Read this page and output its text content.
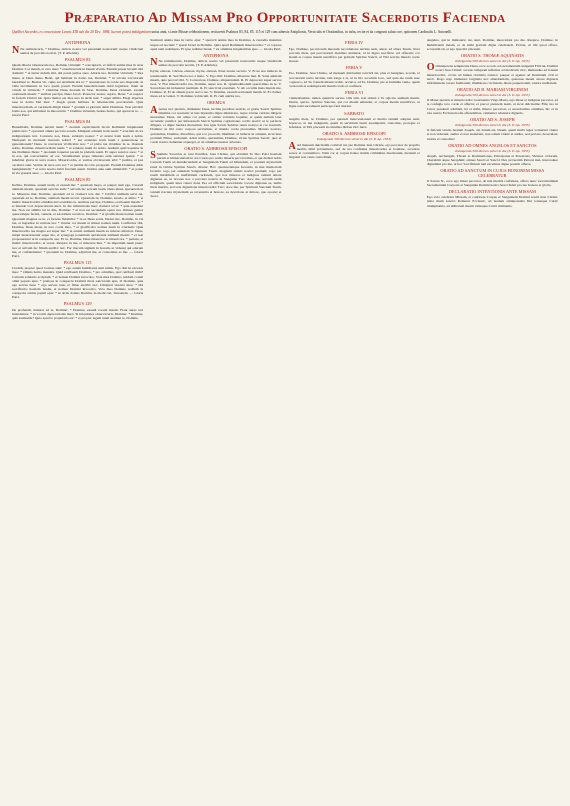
Præparatio Ad Missam Pro Opportunitate Sacerdotis Facienda

Quilibet Sacerdos, ex concessione Leonis XIII sub die 20 Dec. 1884, lucrari potest indulgentiam unius anni, si ante Missæ celebrationem, recitaverit Psalmos 83, 84, 85, 115 et 129 cum adnexis Antiphonis, Versiculis et Orationibus, in infra, recite et ita congrunt saluto ore, optionem Cardinalis L. Antonelli.

ANTIPHONA

N Ne reminiscaris, * Domine, delicta nostra vel parentum nostrorum: neque vindictam sumas de peccatis nostris. (T. P. Alleluia).

PSALMUS 83

Quam dilecta tabernacula tua, Domine virtutum: * concupiscit, et deficit anima mea in atria Domini. Cor meum, et caro mea: * exsultaverunt in Deum vivum. Etenim passer invenit sibi domum: * et turtur nidum sibi, ubi ponat pullos suos. Altaria tua, Domine virtutum: * Rex meus, et Deus meus. Beati, qui habitant in domo tua, Domine: * in sæcula sæculorum laudabunt te. Beatus vir, cujus est auxilium abs te: * ascensiones in corde suo disposuit, in valle lacrimarum, in loco quem posuit. Etenim benedictionem dabit legislator, ibunt de virtute in virtutem: * videbitur Deus deorum in Sion. Domine, Deus virtutum, exaudi orationem meam: * auribus percipe, Deus Jacob. Protector noster, aspice, Deus: * et respice in faciem Christi tui. Quia melior est dies una in atriis tuis: * super millia. Elegi abjectus esse in domo Dei mei: * magis quam habitare in tabernaculis peccatorum. Quia misericordiam, et veritatem diligit Deus: * gratiam et gloriam dabit Dominus. Non privabit bonis eos, qui ambulant in innocentia: * Domine virtutum, beatus homo, qui sperat in te. — Gloria Patri.

PSALMUS 84

Benedixisti, Domine, terram tuam: * avertisti captivitatem Jacob. Remisisti iniquitatem plebis tuæ: * operuisti omnia peccata eorum. Mitigasti omnem iram tuam: * avertisti ab ira indignationis tuæ. Converte nos, Deus, salutaris noster: * et averte iram tuam a nobis. Numquid in æternum irasceris nobis? * aut extendes iram tuam a generatione in generationem? Deus, tu conversus vivificabis nos: * et plebs tua lætabitur in te. Ostende nobis, Domine, misericordiam tuam: * et salutare tuum da nobis. Audiam quid loquatur in me Dominus Deus: * quoniam loquetur pacem in plebem suam. Et super sanctos suos: * et in eos, qui convertuntur ad cor. Verumtamen prope timentes eum salutare ipsius: * ut inhabitet gloria in terra nostra. Misericordia, et veritas obviaverunt sibi: * justitia, et pax osculatæ sunt. Veritas de terra orta est: * et justitia de cælo prospexit. Etenim Dominus dabit benignitatem: * et terra nostra dabit fructum suum. Justitia ante eum ambulabit: * et ponet in via gressus suos. — Gloria Patri.

PSALMUS 85

Inclina, Domine, aurem tuam, et exaudi me: * quoniam inops, et pauper sum ego. Custodi animam meam, quoniam sanctus sum: * salvum fac servum tuum, Deus meus, sperantem in te. Miserere mei, Domine, quoniam ad te clamavi tota die: * lætifica animam servi tui, quoniam ad te, Domine, animam meam levavi. Quoniam tu, Domine, suavis, et mitis: * et multæ misericordiæ omnibus invocantibus te. Auribus percipe, Domine, orationem meam: * et intende voci deprecationis meæ. In die tribulationis meæ clamavi ad te: * quia exaudisti me. Non est similis tui in diis, Domine: * et non est secundum opera tua. Omnes gentes quascumque fecisti, venient, et adorabunt coram te, Domine: * et glorificabunt nomen tuum. Quoniam magnus es tu, et faciens mirabilia: * tu es Deus solus. Deduc me, Domine, in via tua, et ingrediar in veritate tua: * lætetur cor meum ut timeat nomen tuum. Confitebor tibi, Domine, Deus meus, in toto corde meo, * et glorificabo nomen tuum in æternum: Quia misericordia tua magna est super me: * et eruisti animam meam ex inferno inferiori. Deus, iniqui insurrexerunt super me, et synagoga potentium quæsierunt animam meam: * et non proposuerunt te in conspectu suo. Et tu, Domine, Deus miserator et misericors, * patiens, et multæ misericordiæ, et verax. Respice in me, et miserere mei, * da imperium tuum puero tuo: et salvum fac filium ancillæ tuæ. Fac mecum signum in bonum, ut videant qui oderunt me, et confundantur: * quoniam tu, Domine, adjuvisti me, et consolatus es me. — Gloria Patri.

PSALMUS 115

Credidi, propter quod locutus sum: * ego autem humiliatus sum nimis. Ego dixi in excessu meo: * Omnis homo mendax. Quid retribuam Domino, * pro omnibus, quæ retribuit mihi? Calicem salutaris accipiam: * et nomen Domini invocabo. Vota mea Domino reddam coram omni populo ejus: * pretiosa in conspectu Domini mors sanctorum ejus. O Domine, quia ego servus tuus: * ego servus tuus, et filius ancillæ tuæ. Dirupisti vincula mea: * tibi sacrificabo hostiam laudis, et nomen Domini invocabo. Vota mea Domino reddam in conspectu omnis populi ejus: * in atriis domus Domini, in medio tui, Jerusalem. — Gloria Patri.

PSALMUS 129

De profundis clamavi ad te, Domine: * Domine, exaudi vocem meam. Fiant aures tuæ intendentes: * in vocem deprecationis meæ. Si iniquitates observaveris, Domine: * Domine, quis sustinebit? Quia apud te propitiatio est: * et propter legem tuam sustinui te, Domine.

Sustinuit anima mea in verbo ejus: * speravit anima mea in Domino. A custodia matutina usque ad noctem: * speret Israel in Domino. Quia apud Dominum misericordia: * et copiosa apud eum redemptio. Et ipse redimet Israel, * ex omnibus iniquitatibus ejus. — Gloria Patri.

ANTIPHONA

N Ne reminiscaris, Domine, delicta nostra vel parentum nostrorum: neque vindictam sumas de peccatis nostris. (T. P. Alleluia).

Kyrie, eleison. Christe, eleison. Kyrie, eleison. Pater noster secreto. V. Et ne nos inducas in tentationem. R. Sed libera nos a malo. V. Ego dixi: Domine, miserere mei. R. Sana animam meam, quia peccavi tibi. V. Convertere, Domine, aliquantulum. R. Et deprecare super servos tuos. V. Fiat misericordia tua, Domine, super nos. R. Quemadmodum speravimus in te. V. Sacerdotes tui induantur justitiam. R. Et sancti tui exsultent. V. Ab occultis meis munda me, Domine. R. Et ab alienis parce servo tuo. V. Domine, exaudi orationem meam. R. Et clamor meus ad te veniat. V. Dominus vobiscum. R. Et cum spiritu tuo.

OREMUS

A Aures tuæ pietatis, mitissime Deus, inclina precibus nostris, et gratia Sancti Spiritus illumina cor nostrum: ut tuis mysteriis digne ministrare, teque æterna caritate diligere mereamur. Deus, cui omne cor patet, et omnis voluntas loquitur, et quem nullum latet secretum: purifica per infusionem Sancti Spiritus cogitationes cordis nostri; ut te perfecte diligere, et digne laudare mereamur. Ure igne Sancti Spiritus renes nostros et cor nostrum, Domine: ut tibi casto corpore serviamus, et mundo corde placeamus. Mentes nostras, quæsumus, Domine, Paraclitus, qui a te procedit, illuminet: et inducat in omnem, sicut tuus promisit Filius, veritatem. Adsit nobis, quæsumus, Domine, virtus Spiritus Sancti: quæ et corda nostra clementer expurget, et ab omnibus tueatur adversis.

ORATIO S. AMBROSII EPISCOPI

S Summe Sacerdos et vere Pontifex, Jesu Christe, qui obtulisti Te Deo Patri hostiam puram et immaculatam in ara Crucis pro nobis miseris peccatoribus, et qui dedisti nobis Carnem Tuam ad manducandum et Sanguinem Tuum ad bibendum, et posuisti mysterium istud in virtute Spiritus Sancti, dicens: Hæc quotiescumque feceritis, in mei memoriam facietis: rogo per eumdem Sanguinem Tuum, magnum salutis nostræ pretium; rogo per istam mirabilem et ineffabilem caritatem, qua nos miseros et indignos tantum amare dignatus es, ut lavares nos a peccatis nostris in Sanguine Tuo: doce me, servum tuum indignum, quem inter cetera dona Tua ad officium sacerdotale vocare dignatus es, nullis meis meritis, sed sola dignatione misericordiæ Tuæ; doce me, per Spiritum Sanctum Tuum, tantum tractare mysterium ea reverentia et honore, ea devotione et timore, quo oportet et decet.

FERIA IV

Ego, Domine, peccatorum meorum recordatione territus sum, adeat, ad altare Tuum, lavet peccatis meis, qui peccatorum manibus sustineat, ut in digno sacrificio vel offeram; cor meum et corpus meum sanctifica per gratiam Spiritus Sancti, ut Tibi servire mundo corde merear.

FERIA V

Tuo, Domine, Jesu Christe, ad mensam dulcissimi convivii tui, pius et benignus, accede, et peccatorum turba territus, tam longe a te, ut in illo accedam loco, sed quia me reum esse cognosco, ad Te, fontem misericordiæ, accurro; ad Te, Domine, pie et humilite venio, quem creatorem et redemptorem meum credo et confiteor.

FERIA VI

Clementissime, tamen quamvis servus vilis sim, non tamen a Te rejicias animam meam. Veniat, quæso, Spiritus Sanctus, qui cor meum emundet, et corpus meum sanctificet, ut digne tanti sacramenti particeps fieri merear.

SABBATO

Angelis meis, te, Domine, per quorum intercessionem et merita tantum adeptus sum, deprecor, ut me indignum, quem in servitium tuum assumpsisti, custodias, protegas et defendas, ut Tibi placeam in omnibus diebus vitæ meæ.

ORATIO S. AMBROSII EPISCOPI
Indulgentia 500 dierum semel in die (S. P. Ap. 1933)

A Ad mensam dulcissimi convivii tui, pie Domine Jesu Christe, ego peccator de propriis meritis nihil præsumens, sed de tua confidens misericordia et bonitate, accedere vereor et contremisco. Nam cor et corpus habeo multis criminibus maculatum, mentem et linguam non caute custoditam.

Angelus, qui in ministerio tuo sunt, Domine, intercedant pro me. Respice, Domine, in humilitatem meam, et da mihi gratiam digne celebrandi. Præsta, ut tibi quod offero, acceptum sit, et ego ipse tibi placeam.

ORATIO S. THOMÆ AQUINATIS
Indulgentia 500 dierum semel in die (S. P. Ap. 1933)

O Omnipotens sempiterne Deus, ecce accedo ad sacramentum unigeniti Filii tui, Domini nostri Jesu Christi: accedo tamquam infirmus ad medicum vitæ, immundus ad fontem misericordiæ, cæcus ad lumen claritatis æternæ, pauper et egenus ad Dominum cæli et terræ. Rogo ergo immensæ largitatis tuæ abundantiam, quatenus meam curare digneris infirmitatem, lavare fœditatem, illuminare cæcitatem, ditare paupertatem, vestire nuditatem.

ORATIO AD B. MARIAM VIRGINEM
Indulgentia 500 dierum semel in die (S. P. Ap. 1933)

O Mater pietatis et misericordiæ, beatissima Virgo Maria, ego miser et indignus peccator, ad te confugio toto corde et affectu; et precor pietatem tuam, ut sicut dulcissimo Filio tuo in Cruce pendenti adstitisti, ita et mihi, misero peccatori, et sacerdotibus omnibus, hic et in tota sancta Ecclesia hodie offerentibus, clementer adsistere digneris.

ORATIO AD S. JOSEPH
Indulgentia 500 dierum semel in die (S. P. Ap. 1933)

O felicem virum, beatum Joseph, cui datum est, Deum, quem multi reges voluerunt videre et non viderunt, audire et non audierunt, non solum videre et audire, sed portare, deosculari, vestire et custodire!

ORATIO AD OMNES ANGELOS ET SANCTOS
Indulgentia 500 dierum semel in die (S. P. Ap. 1933)

Angeli, Archangeli, Throni et Dominationes, Principatus et Potestates, Virtutes cælorum, Cherubim atque Seraphim; omnes Sancti et Sanctæ Dei, præsertim Patroni mei, intercedere dignemini pro me, ut hoc Sacrificium tam excellens digne possim offerre.

ORATIO AD SANCTUM IN CUJUS HONOREM MISSA CELEBRATUR

O Sancte N., ecce ego miser peccator, de tuis meritis confidens, offero nunc sacratissimum Sacramentum Corporis et Sanguinis Domini nostri Jesu Christi pro tuo honore et gloria.

DECLARATIO INTENTIONIS ANTE MISSAM

Ego volo celebrare Missam, et conficere Corpus et Sanguinem Domini nostri Jesu Christi, juxta ritum sanctæ Romanæ Ecclesiæ, ad laudem omnipotentis Dei totiusque Curiæ triumphantis, ad utilitatem meam totiusque Curiæ militantis.
